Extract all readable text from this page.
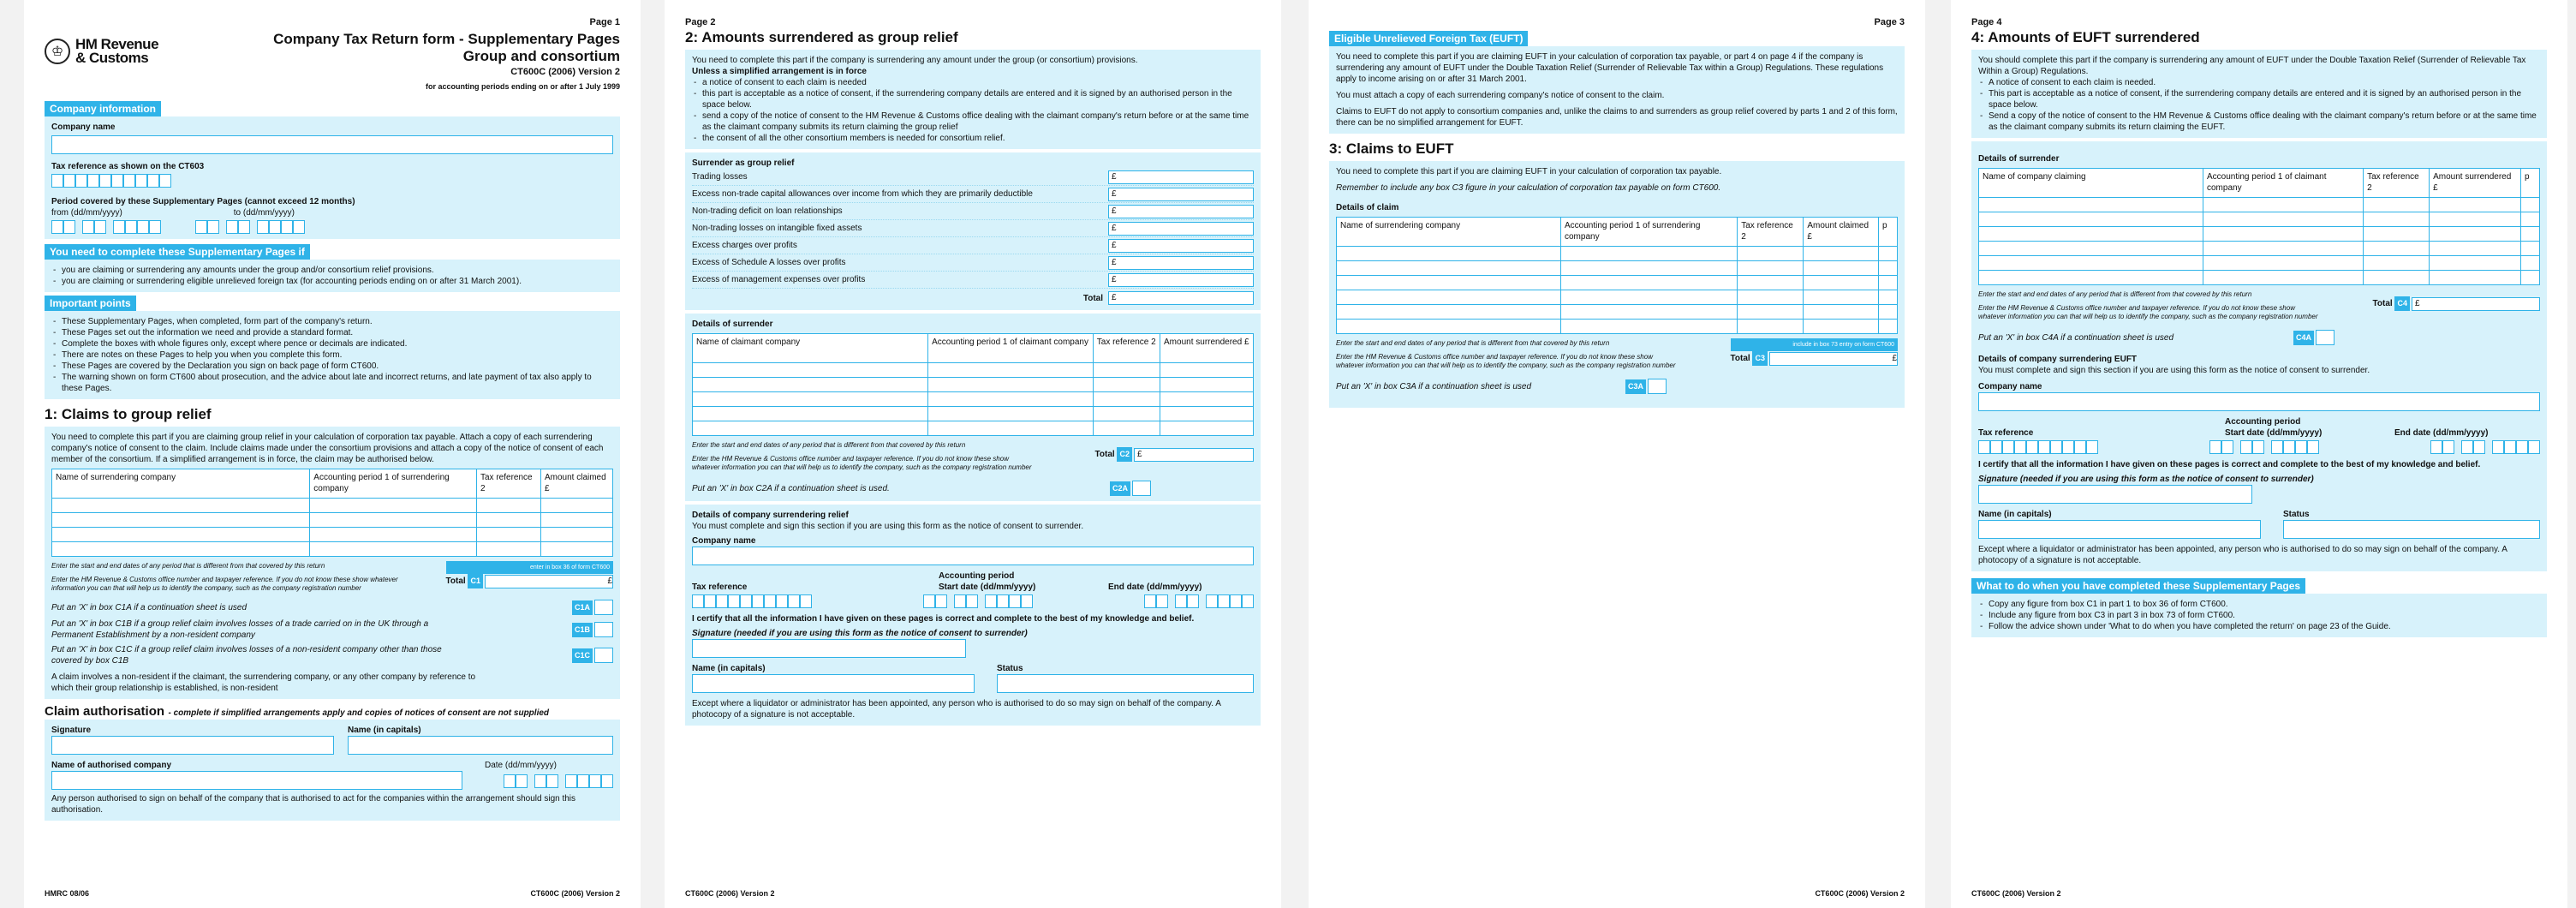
Page 1
♔ HM Revenue
& Customs
Company Tax Return form - Supplementary Pages
Group and consortium
CT600C (2006) Version 2
for accounting periods ending on or after 1 July 1999
Company information
Company name
Tax reference as shown on the CT603
Period covered by these Supplementary Pages (cannot exceed 12 months)
from (dd/mm/yyyy)	to (dd/mm/yyyy)
You need to complete these Supplementary Pages if
- you are claiming or surrendering any amounts under the group and/or consortium relief provisions.
- you are claiming or surrendering eligible unrelieved foreign tax (for accounting periods ending on or after 31 March 2001).
Important points
- These Supplementary Pages, when completed, form part of the company's return.
- These Pages set out the information we need and provide a standard format.
- Complete the boxes with whole figures only, except where pence or decimals are indicated.
- There are notes on these Pages to help you when you complete this form.
- These Pages are covered by the Declaration you sign on back page of form CT600.
- The warning shown on form CT600 about prosecution, and the advice about late and incorrect returns, and late payment of tax also apply to these Pages.
1: Claims to group relief
You need to complete this part if you are claiming group relief in your calculation of corporation tax payable. Attach a copy of each surrendering company's notice of consent to the claim. Include claims made under the consortium provisions and attach a copy of the notice of consent of each member of the consortium. If a simplified arrangement is in force, the claim may be authorised below.
Name of surrendering company	Accounting period 1 of surrendering company	Tax reference 2	Amount claimed £

Enter the start and end dates of any period that is different from that covered by this return
Enter the HM Revenue & Customs office number and taxpayer reference. If you do not know these show whatever information you can that will help us to identify the company, such as the company registration number
enter in box 36 of form CT600
Total C1	£
Put an 'X' in box C1A if a continuation sheet is used	C1A
Put an 'X' in box C1B if a group relief claim involves losses of a trade carried on in the UK through a Permanent Establishment by a non-resident company
C1B
Put an 'X' in box C1C if a group relief claim involves losses of a non-resident company other than those covered by box C1B
C1C
A claim involves a non-resident if the claimant, the surrendering company, or any other company by reference to which their group relationship is established, is non-resident
Claim authorisation - complete if simplified arrangements apply and copies of notices of consent are not supplied
Signature	Name (in capitals)
Name of authorised company	Date (dd/mm/yyyy)
Any person authorised to sign on behalf of the company that is authorised to act for the companies within the arrangement should sign this authorisation.
HMRC 08/06	CT600C (2006) Version 2
Page 2
2: Amounts surrendered as group relief
You need to complete this part if the company is surrendering any amount under the group (or consortium) provisions.
Unless a simplified arrangement is in force
- a notice of consent to each claim is needed
- this part is acceptable as a notice of consent, if the surrendering company details are entered and it is signed by an authorised person in the space below.
- send a copy of the notice of consent to the HM Revenue & Customs office dealing with the claimant company's return before or at the same time as the claimant company submits its return claiming the group relief
- the consent of all the other consortium members is needed for consortium relief.
Surrender as group relief
Trading losses	£
Excess non-trade capital allowances over income from which they are primarily deductible	£
Non-trading deficit on loan relationships	£
Non-trading losses on intangible fixed assets	£
Excess charges over profits	£
Excess of Schedule A losses over profits	£
Excess of management expenses over profits	£
Total	£
Details of surrender
Name of claimant company	Accounting period 1 of claimant company	Tax reference 2	Amount surrendered £

Enter the start and end dates of any period that is different from that covered by this return
Enter the HM Revenue & Customs office number and taxpayer reference. If you do not know these show whatever information you can that will help us to identify the company, such as the company registration number
Total C2 £
Put an 'X' in box C2A if a continuation sheet is used.	C2A
Details of company surrendering relief
You must complete and sign this section if you are using this form as the notice of consent to surrender.
Company name
Tax reference
Accounting period
Start date (dd/mm/yyyy)	End date (dd/mm/yyyy)
I certify that all the information I have given on these pages is correct and complete to the best of my knowledge and belief.
Signature (needed if you are using this form as the notice of consent to surrender)
Name (in capitals)	Status
Except where a liquidator or administrator has been appointed, any person who is authorised to do so may sign on behalf of the company. A photocopy of a signature is not acceptable.
CT600C (2006) Version 2
Page 3
Eligible Unrelieved Foreign Tax (EUFT)
You need to complete this part if you are claiming EUFT in your calculation of corporation tax payable, or part 4 on page 4 if the company is surrendering any amount of EUFT under the Double Taxation Relief (Surrender of Relievable Tax within a Group) Regulations. These regulations apply to income arising on or after 31 March 2001.
You must attach a copy of each surrendering company's notice of consent to the claim.
Claims to EUFT do not apply to consortium companies and, unlike the claims to and surrenders as group relief covered by parts 1 and 2 of this form, there can be no simplified arrangement for EUFT.
3: Claims to EUFT
You need to complete this part if you are claiming EUFT in your calculation of corporation tax payable.
Remember to include any box C3 figure in your calculation of corporation tax payable on form CT600.
Details of claim
Name of surrendering company	Accounting period 1 of surrendering company	Tax reference 2	Amount claimed £	p

Enter the start and end dates of any period that is different from that covered by this return
Enter the HM Revenue & Customs office number and taxpayer reference. If you do not know these show whatever information you can that will help us to identify the company, such as the company registration number
include in box 73 entry on form CT600
Total C3	£
Put an 'X' in box C3A if a continuation sheet is used	C3A
CT600C (2006) Version 2
Page 4
4: Amounts of EUFT surrendered
You should complete this part if the company is surrendering any amount of EUFT under the Double Taxation Relief (Surrender of Relievable Tax Within a Group) Regulations.
- A notice of consent to each claim is needed.
- This part is acceptable as a notice of consent, if the surrendering company details are entered and it is signed by an authorised person in the space below.
- Send a copy of the notice of consent to the HM Revenue & Customs office dealing with the claimant company's return before or at the same time as the claimant company submits its return claiming the EUFT.
Details of surrender
Name of company claiming	Accounting period 1 of claimant company	Tax reference 2	Amount surrendered £	p

Enter the start and end dates of any period that is different from that covered by this return
Enter the HM Revenue & Customs office number and taxpayer reference. If you do not know these show whatever information you can that will help us to identify the company, such as the company registration number
Total C4 £
Put an 'X' in box C4A if a continuation sheet is used	C4A
Details of company surrendering EUFT
You must complete and sign this section if you are using this form as the notice of consent to surrender.
Company name
Tax reference
Accounting period
Start date (dd/mm/yyyy)	End date (dd/mm/yyyy)
I certify that all the information I have given on these pages is correct and complete to the best of my knowledge and belief.
Signature (needed if you are using this form as the notice of consent to surrender)
Name (in capitals)	Status
Except where a liquidator or administrator has been appointed, any person who is authorised to do so may sign on behalf of the company. A photocopy of a signature is not acceptable.
What to do when you have completed these Supplementary Pages
- Copy any figure from box C1 in part 1 to box 36 of form CT600.
- Include any figure from box C3 in part 3 in box 73 of form CT600.
- Follow the advice shown under 'What to do when you have completed the return' on page 23 of the Guide.
CT600C (2006) Version 2
